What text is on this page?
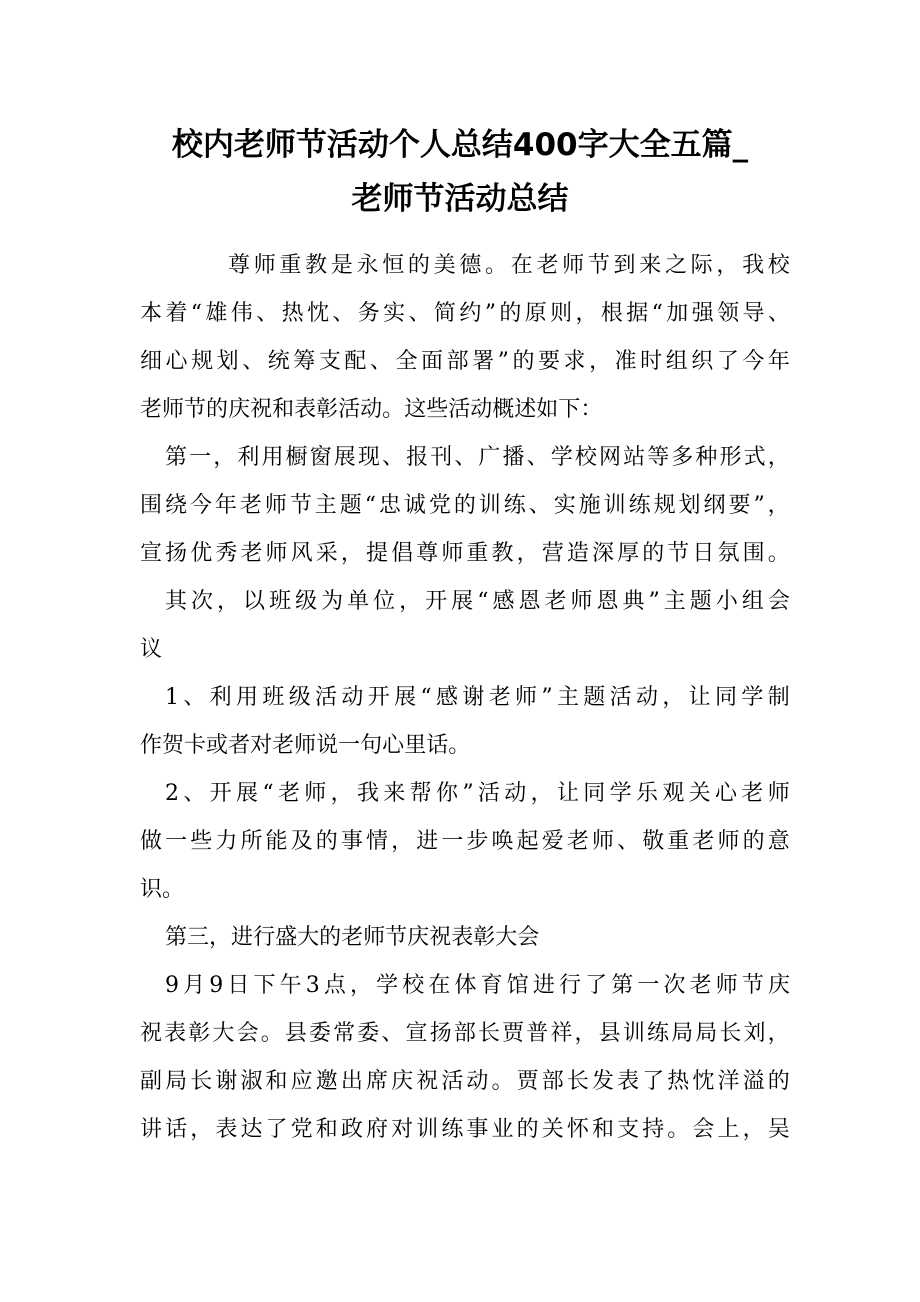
校内老师节活动个人总结400字大全五篇_
老师节活动总结
尊 师 重 教 是 永 恒 的 美 德 。 在 老 师 节 到 来 之 际 ， 我 校
本 着 “ 雄 伟 、 热 忱 、 务 实 、 简 约 ” 的 原 则 ， 根 据 “ 加 强 领 导 、
细 心 规 划 、 统 筹 支 配 、 全 面 部 署 ” 的 要 求 ， 准 时 组 织 了 今 年
老 师 节 的 庆 祝 和 表 彰 活 动 。 这 些 活 动 概 述 如 下 ：
第 一 ， 利 用 橱 窗 展 现 、 报 刊 、 广 播 、 学 校 网 站 等 多 种 形 式 ，
围 绕 今 年 老 师 节 主 题 “ 忠 诚 党 的 训 练 、 实 施 训 练 规 划 纲 要 ” ，
宣 扬 优 秀 老 师 风 采 ， 提 倡 尊 师 重 教 ， 营 造 深 厚 的 节 日 氛 围 。
其 次 ， 以 班 级 为 单 位 ， 开 展 “ 感 恩 老 师 恩 典 ” 主 题 小 组 会
议
1 、 利 用 班 级 活 动 开 展 “ 感 谢 老 师 ” 主 题 活 动 ， 让 同 学 制
作 贺 卡 或 者 对 老 师 说 一 句 心 里 话 。
2 、 开 展 “ 老 师 ， 我 来 帮 你 ” 活 动 ， 让 同 学 乐 观 关 心 老 师
做 一 些 力 所 能 及 的 事 情 ， 进 一 步 唤 起 爱 老 师 、 敬 重 老 师 的 意
识 。
第 三 ， 进 行 盛 大 的 老 师 节 庆 祝 表 彰 大 会
9 月 9 日 下 午 3 点 ， 学 校 在 体 育 馆 进 行 了 第 一 次 老 师 节 庆
祝 表 彰 大 会 。 县 委 常 委 、 宣 扬 部 长 贾 普 祥 ， 县 训 练 局 局 长 刘 ，
副 局 长 谢 淑 和 应 邀 出 席 庆 祝 活 动 。 贾 部 长 发 表 了 热 忱 洋 溢 的
讲 话 ， 表 达 了 党 和 政 府 对 训 练 事 业 的 关 怀 和 支 持 。 会 上 ， 吴
